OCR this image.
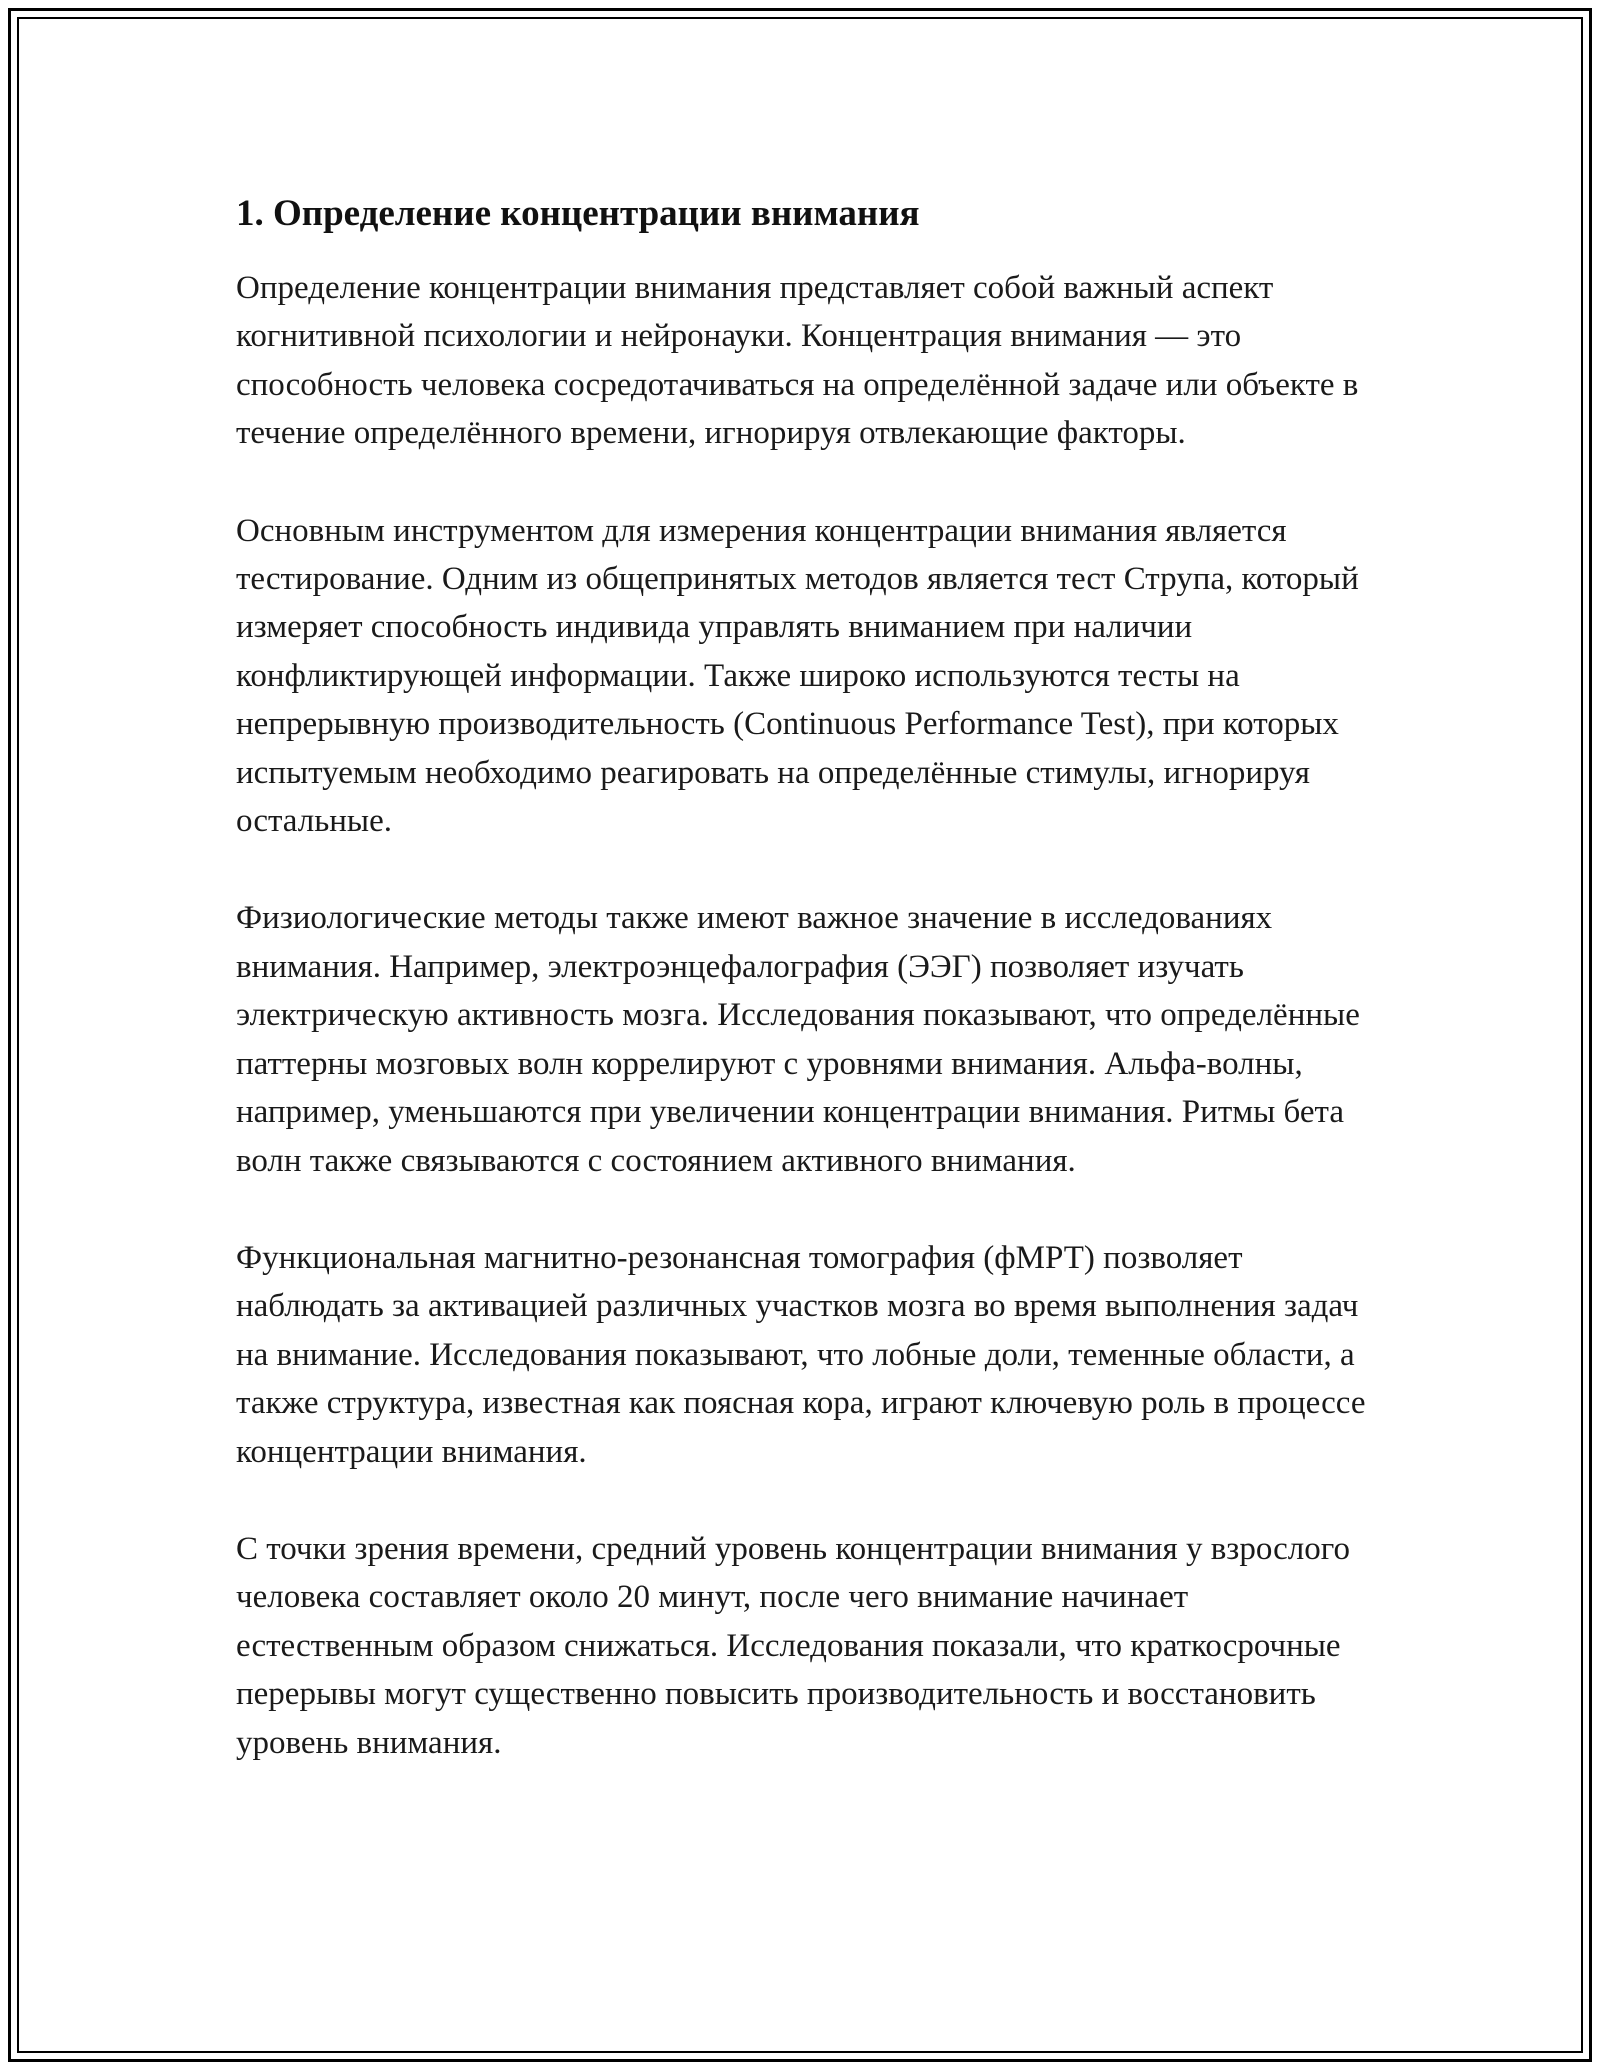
1. Определение концентрации внимания

Определение концентрации внимания представляет собой важный аспект когнитивной психологии и нейронауки. Концентрация внимания — это способность человека сосредотачиваться на определённой задаче или объекте в течение определённого времени, игнорируя отвлекающие факторы.

Основным инструментом для измерения концентрации внимания является тестирование. Одним из общепринятых методов является тест Струпа, который измеряет способность индивида управлять вниманием при наличии конфликтирующей информации. Также широко используются тесты на непрерывную производительность (Continuous Performance Test), при которых испытуемым необходимо реагировать на определённые стимулы, игнорируя остальные.

Физиологические методы также имеют важное значение в исследованиях внимания. Например, электроэнцефалография (ЭЭГ) позволяет изучать электрическую активность мозга. Исследования показывают, что определённые паттерны мозговых волн коррелируют с уровнями внимания. Альфа-волны, например, уменьшаются при увеличении концентрации внимания. Ритмы бета волн также связываются с состоянием активного внимания.

Функциональная магнитно-резонансная томография (фМРТ) позволяет наблюдать за активацией различных участков мозга во время выполнения задач на внимание. Исследования показывают, что лобные доли, теменные области, а также структура, известная как поясная кора, играют ключевую роль в процессе концентрации внимания.

С точки зрения времени, средний уровень концентрации внимания у взрослого человека составляет около 20 минут, после чего внимание начинает естественным образом снижаться. Исследования показали, что краткосрочные перерывы могут существенно повысить производительность и восстановить уровень внимания.
